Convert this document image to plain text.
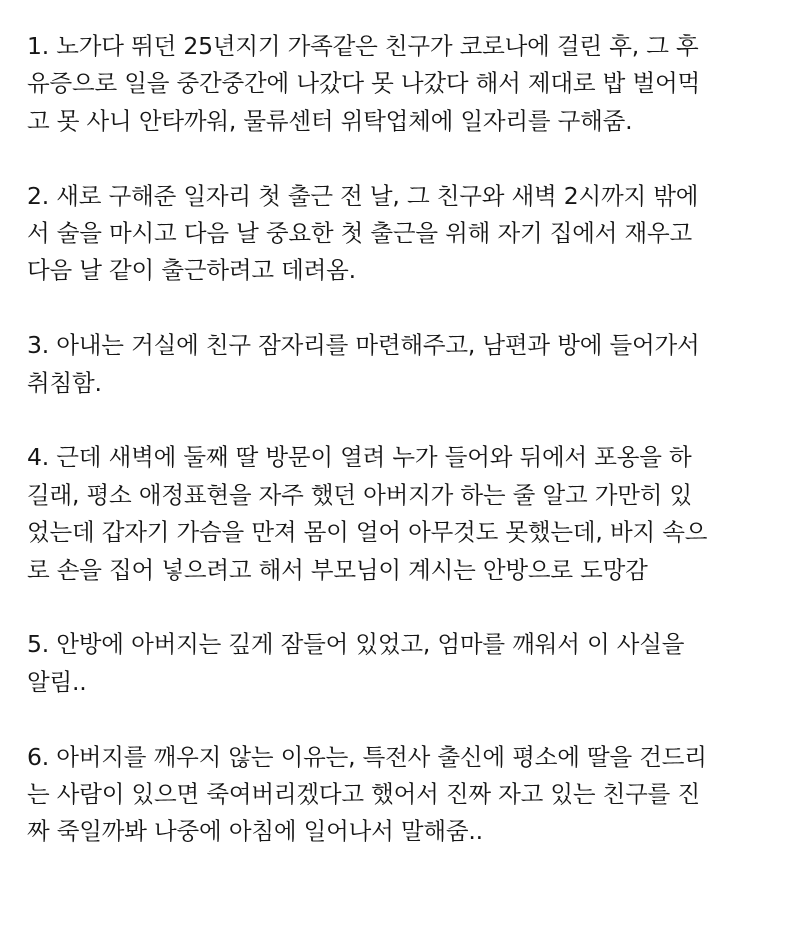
1. 노가다 뛰던 25년지기 가족같은 친구가 코로나에 걸린 후, 그 후
유증으로 일을 중간중간에 나갔다 못 나갔다 해서 제대로 밥 벌어먹
고 못 사니 안타까워, 물류센터 위탁업체에 일자리를 구해줌.
2. 새로 구해준 일자리 첫 출근 전 날, 그 친구와 새벽 2시까지 밖에
서 술을 마시고 다음 날 중요한 첫 출근을 위해 자기 집에서 재우고
다음 날 같이 출근하려고 데려옴.
3. 아내는 거실에 친구 잠자리를 마련해주고, 남편과 방에 들어가서
취침함.
4. 근데 새벽에 둘째 딸 방문이 열려 누가 들어와 뒤에서 포옹을 하
길래, 평소 애정표현을 자주 했던 아버지가 하는 줄 알고 가만히 있
었는데 갑자기 가슴을 만져 몸이 얼어 아무것도 못했는데, 바지 속으
로 손을 집어 넣으려고 해서 부모님이 계시는 안방으로 도망감
5. 안방에 아버지는 깊게 잠들어 있었고, 엄마를 깨워서 이 사실을
알림..
6. 아버지를 깨우지 않는 이유는, 특전사 출신에 평소에 딸을 건드리
는 사람이 있으면 죽여버리겠다고 했어서 진짜 자고 있는 친구를 진
짜 죽일까봐 나중에 아침에 일어나서 말해줌..
